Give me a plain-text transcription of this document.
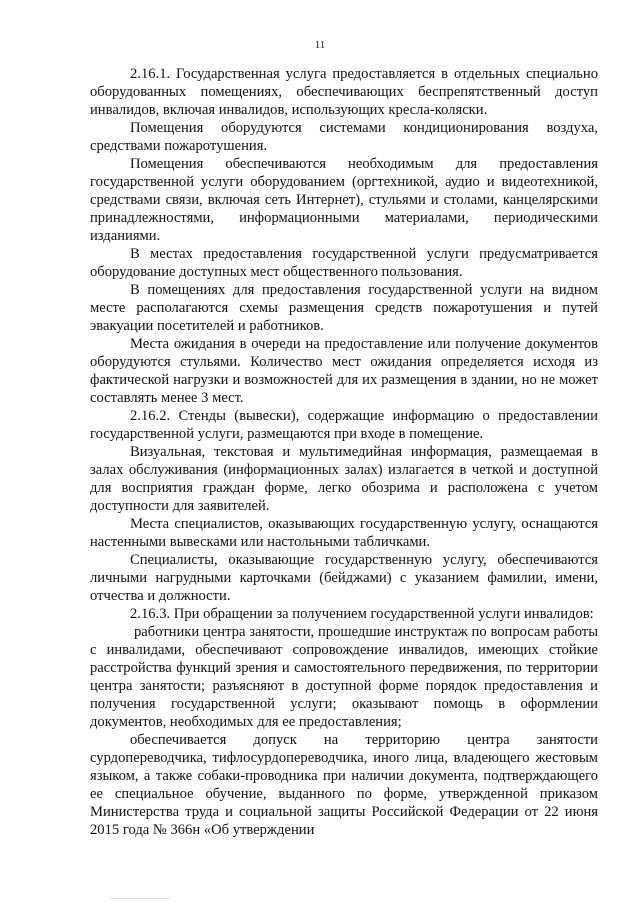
11

2.16.1. Государственная услуга предоставляется в отдельных специально оборудованных помещениях, обеспечивающих беспрепятственный доступ инвалидов, включая инвалидов, использующих кресла-коляски.

Помещения оборудуются системами кондиционирования воздуха, средствами пожаротушения.

Помещения обеспечиваются необходимым для предоставления государственной услуги оборудованием (оргтехникой, аудио и видеотехникой, средствами связи, включая сеть Интернет), стульями и столами, канцелярскими принадлежностями, информационными материалами, периодическими изданиями.

В местах предоставления государственной услуги предусматривается оборудование доступных мест общественного пользования.

В помещениях для предоставления государственной услуги на видном месте располагаются схемы размещения средств пожаротушения и путей эвакуации посетителей и работников.

Места ожидания в очереди на предоставление или получение документов оборудуются стульями. Количество мест ожидания определяется исходя из фактической нагрузки и возможностей для их размещения в здании, но не может составлять менее 3 мест.

2.16.2. Стенды (вывески), содержащие информацию о предоставлении государственной услуги, размещаются при входе в помещение.

Визуальная, текстовая и мультимедийная информация, размещаемая в залах обслуживания (информационных залах) излагается в четкой и доступной для восприятия граждан форме, легко обозрима и расположена с учетом доступности для заявителей.

Места специалистов, оказывающих государственную услугу, оснащаются настенными вывесками или настольными табличками.

Специалисты, оказывающие государственную услугу, обеспечиваются личными нагрудными карточками (бейджами) с указанием фамилии, имени, отчества и должности.

2.16.3. При обращении за получением государственной услуги инвалидов:

работники центра занятости, прошедшие инструктаж по вопросам работы с инвалидами, обеспечивают сопровождение инвалидов, имеющих стойкие расстройства функций зрения и самостоятельного передвижения, по территории центра занятости; разъясняют в доступной форме порядок предоставления и получения государственной услуги; оказывают помощь в оформлении документов, необходимых для ее предоставления;

обеспечивается допуск на территорию центра занятости сурдопереводчика, тифлосурдопереводчика, иного лица, владеющего жестовым языком, а также собаки-проводника при наличии документа, подтверждающего ее специальное обучение, выданного по форме, утвержденной приказом Министерства труда и социальной защиты Российской Федерации от 22 июня 2015 года № 366н «Об утверждении
